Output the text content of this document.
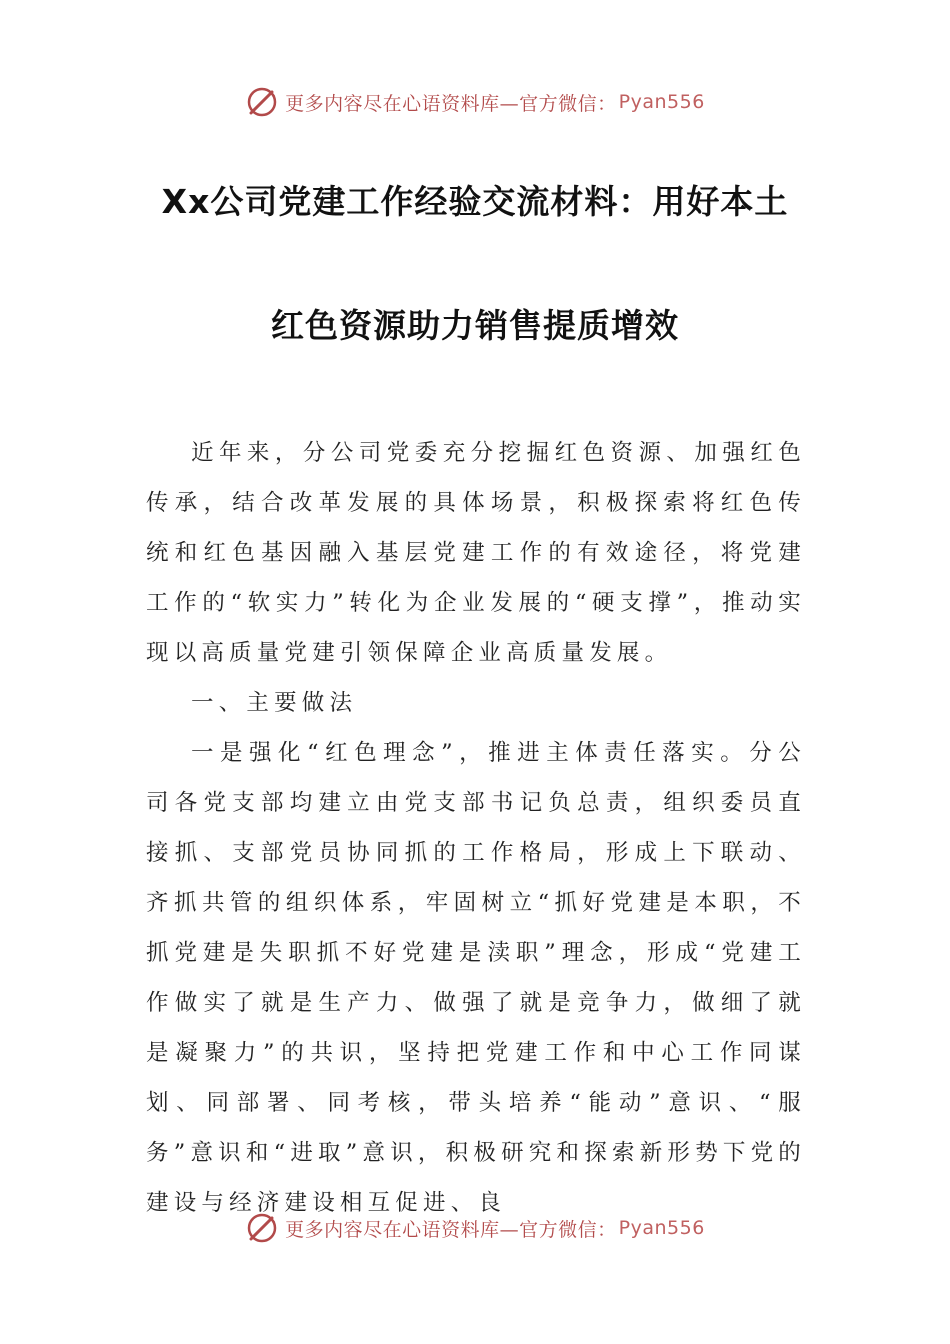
更多内容尽在心语资料库—官方微信： Pyan556
Xx公司党建工作经验交流材料：用好本土
红色资源助力销售提质增效

近年来，分公司党委充分挖掘红色资源、加强红色传承，结合改革发展的具体场景，积极探索将红色传统和红色基因融入基层党建工作的有效途径，将党建工作的“软实力”转化为企业发展的“硬支撑”，推动实现以高质量党建引领保障企业高质量发展。

一、主要做法

一是强化“红色理念”，推进主体责任落实。分公司各党支部均建立由党支部书记负总责，组织委员直接抓、支部党员协同抓的工作格局，形成上下联动、齐抓共管的组织体系，牢固树立“抓好党建是本职，不抓党建是失职抓不好党建是渎职”理念，形成“党建工作做实了就是生产力、做强了就是竞争力，做细了就是凝聚力”的共识，坚持把党建工作和中心工作同谋划、同部署、同考核，带头培养“能动”意识、“服务”意识和“进取”意识，积极研究和探索新形势下党的建设与经济建设相互促进、良

更多内容尽在心语资料库—官方微信： Pyan556
